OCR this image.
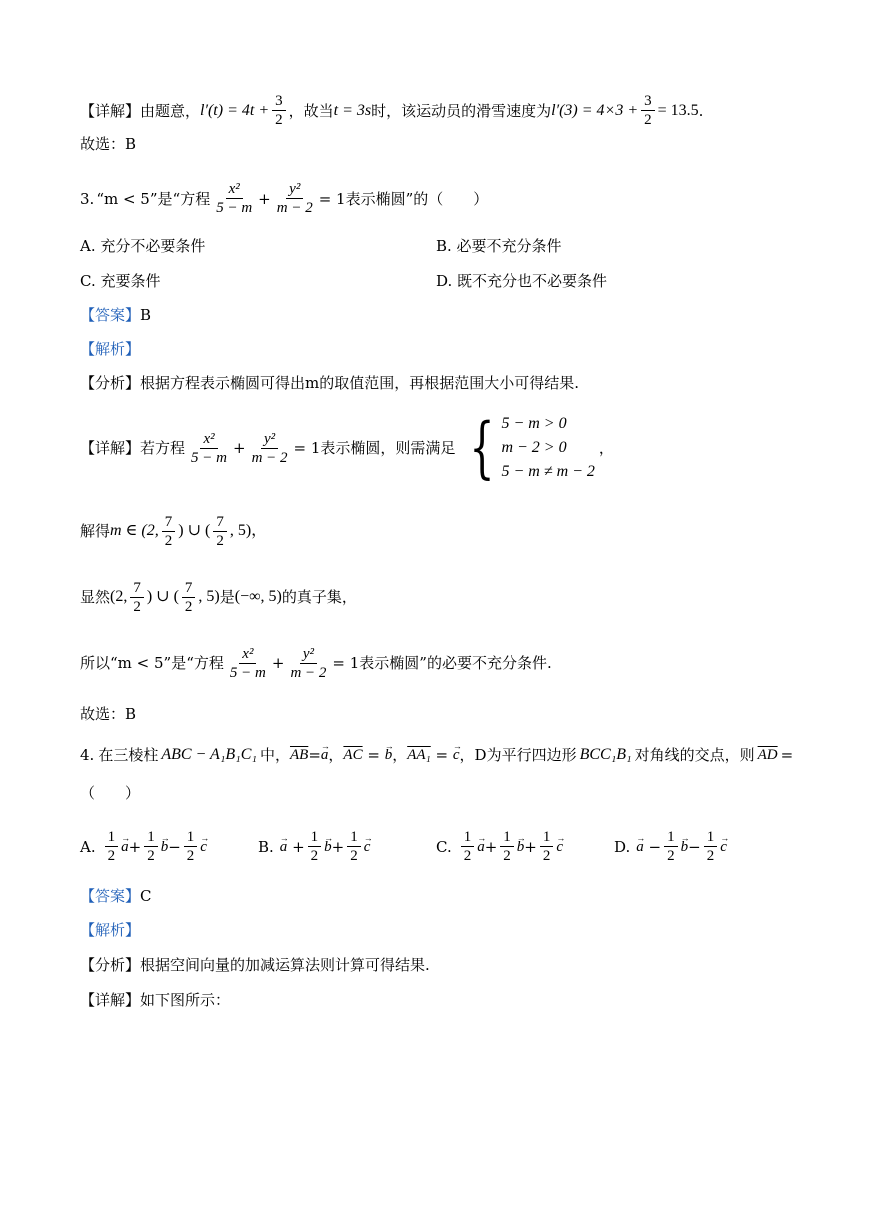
【详解】 由题意， $l'(t) = 4t + \frac{3}{2}$ ，故当 t = 3s 时，该运动员的滑雪速度为 $l'(3) = 4\times 3 + \frac{3}{2} = 13.5$ .
故选：B
3. “m < 5”是“方程 $\frac{\text{x²}}{5 - m} + \frac{\text{y²}}{m - 2} = 1$表示椭圆”的（　　）
A. 充分不必要条件	B. 必要不充分条件
C. 充要条件	D. 既不充分也不必要条件
【答案】 B
【解析】
【分析】 根据方程表示椭圆可得出m的取值范围，再根据范围大小可得结果.
【详解】 若方程 $\frac{\text{x²}}{5 - m} + \frac{\text{y²}}{m - 2} = 1$表示椭圆，则需满足 { 5 − m > 0
m − 2 > 0
5 − m ≠ m − 2
，
解得 m ∈ (2, $\frac{7}{2}$ ) ∪ ( $\frac{7}{2}$ , 5)，
显然 (2, $\frac{7}{2}$ ) ∪ ( $\frac{7}{2}$ , 5) 是 (−∞, 5) 的真子集，
所以“m < 5”是“方程 $\frac{\text{x²}}{5 - m} + \frac{\text{y²}}{m - 2} = 1$表示椭圆”的必要不充分条件.
故选：B
4. 在三棱柱 ABC − A₁B₁C₁ 中， $\overline{AB}$ = → a ， $\overline{AC}$ = → b ， AA₁ = → c ， D为平行四边形 BCC₁B₁ 对角线的交点，则 $\overline{AD}$ =
（　　）
A. $\frac{1}{2} \to a + \frac{1}{2} \to b - \frac{1}{2} \to c$	B. → $a + \frac{1}{2} \to b + \frac{1}{2} \to c$	C. $\frac{1}{2} \to a + \frac{1}{2} \to b + \frac{1}{2} \to c$	D. → $a - \frac{1}{2} \to b - \frac{1}{2} \to c$
【答案】 C
【解析】
【分析】 根据空间向量的加减运算法则计算可得结果.
【详解】 如下图所示：
